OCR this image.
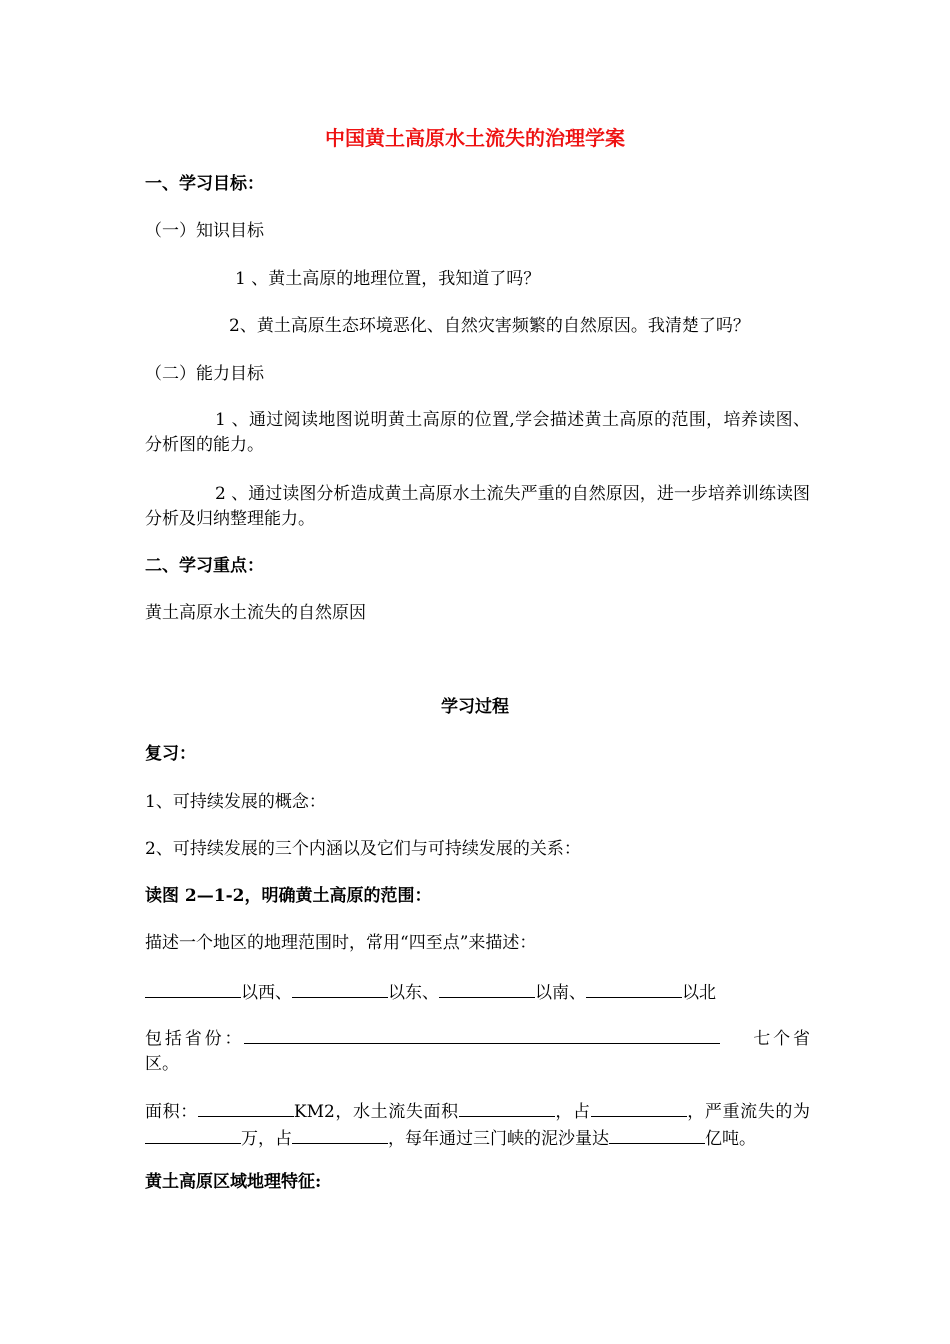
中国黄土高原水土流失的治理学案
一、学习目标：
（一）知识目标
1 、黄土高原的地理位置，我知道了吗？
2、黄土高原生态环境恶化、自然灾害频繁的自然原因。我清楚了吗？
（二）能力目标
1 、通过阅读地图说明黄土高原的位置,学会描述黄土高原的范围，培养读图、分析图的能力。
2 、通过读图分析造成黄土高原水土流失严重的自然原因，进一步培养训练读图分析及归纳整理能力。
二、学习重点：
黄土高原水土流失的自然原因
学习过程
复习：
1、可持续发展的概念：
2、可持续发展的三个内涵以及它们与可持续发展的关系：
读图 2—1-2，明确黄土高原的范围：
描述一个地区的地理范围时，常用“四至点”来描述：
以西、	以东、	以南、	以北
包括省份：	七个省区。
面积：	KM2，水土流失面积	，占	，严重流失的为万，占	，每年通过三门峡的泥沙量达	亿吨。
黄土高原区域地理特征:
